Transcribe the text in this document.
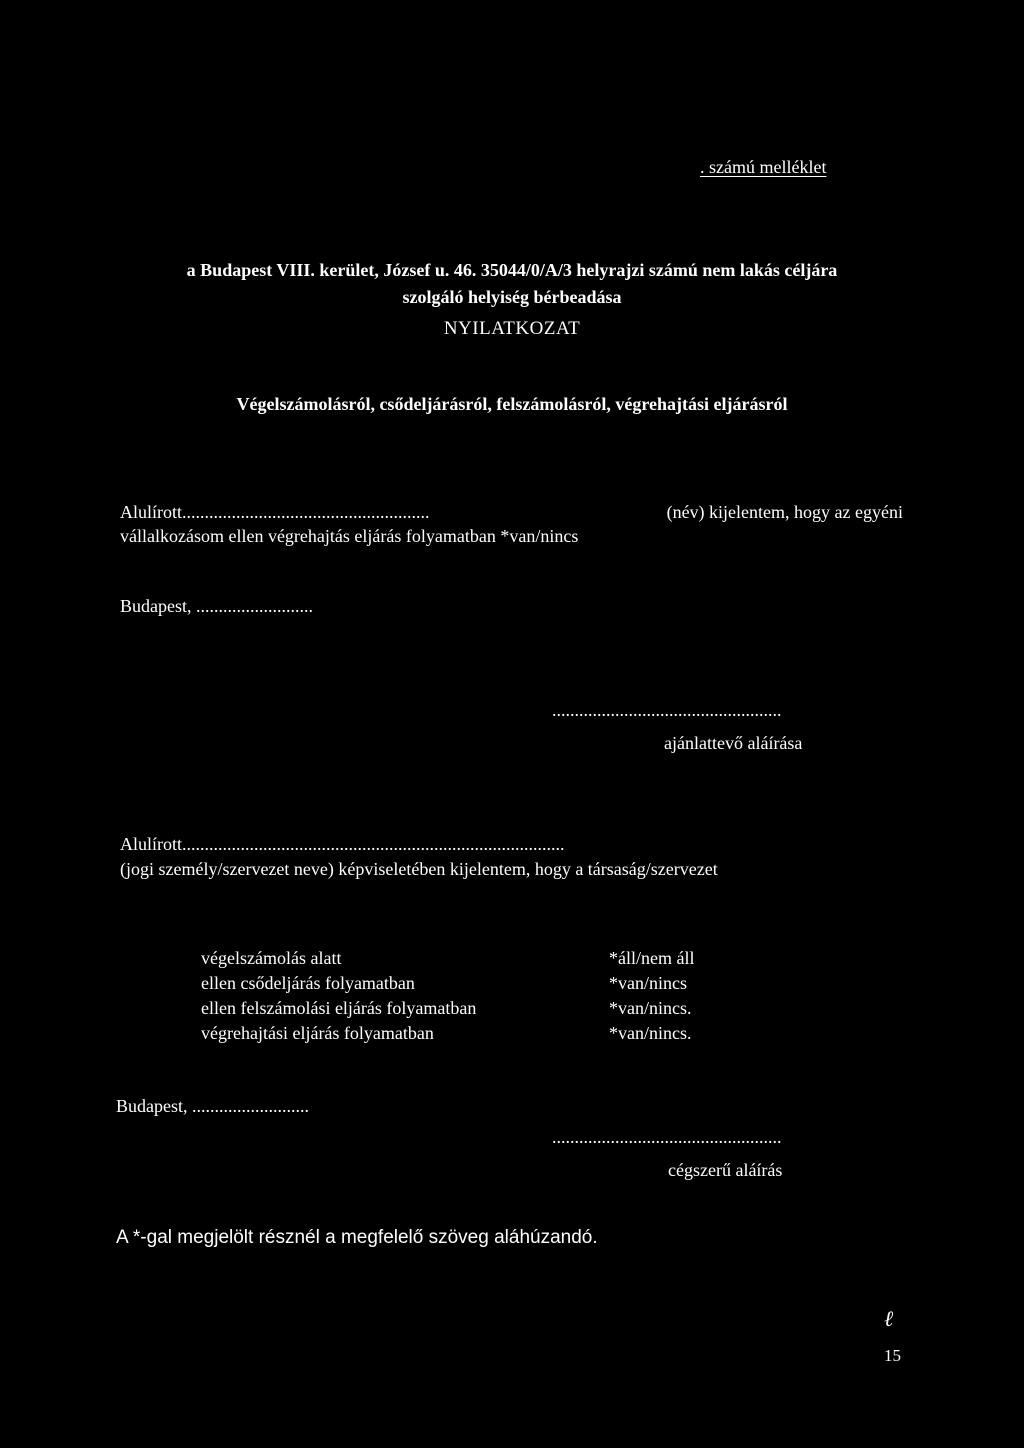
. számú melléklet
a Budapest VIII. kerület, József u. 46. 35044/0/A/3 helyrajzi számú nem lakás céljára
szolgáló helyiség bérbeadása
NYILATKOZAT
Végelszámolásról, csődeljárásról, felszámolásról, végrehajtási eljárásról
Alulírott.......................................................	(név) kijelentem, hogy az egyéni
vállalkozásom ellen végrehajtás eljárás folyamatban *van/nincs
Budapest, ..........................
...................................................
ajánlattevő aláírása
Alulírott.....................................................................................
(jogi személy/szervezet neve) képviseletében kijelentem, hogy a társaság/szervezet
végelszámolás alatt	*áll/nem áll
ellen csődeljárás folyamatban	*van/nincs
ellen felszámolási eljárás folyamatban	*van/nincs.
végrehajtási eljárás folyamatban	*van/nincs.
Budapest, ..........................
...................................................
cégszerű aláírás
A *-gal megjelölt résznél a megfelelő szöveg aláhúzandó.
ℓ
15
